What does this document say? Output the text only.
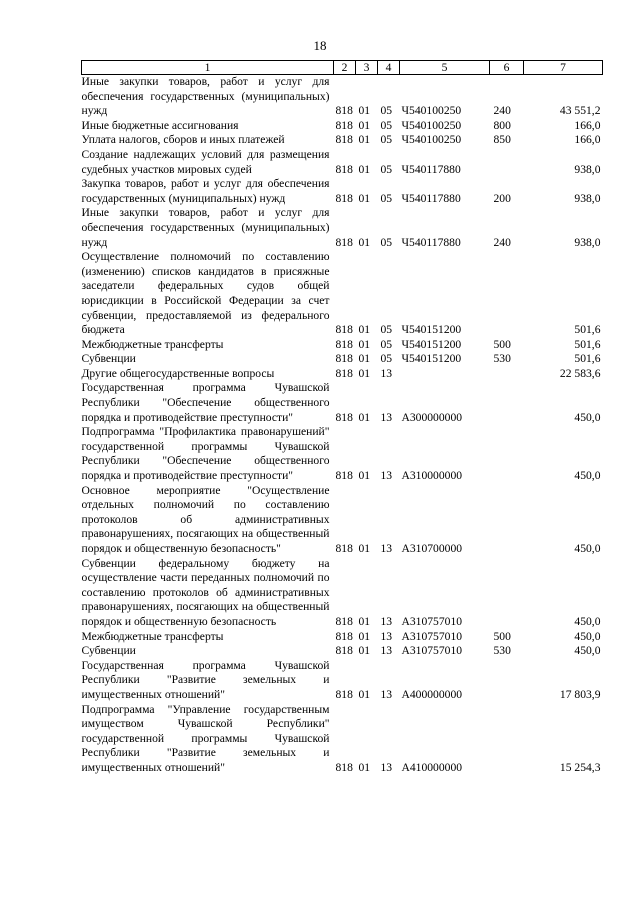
18
1	2	3	4	5	6	7
Иные закупки товаров, работ и услуг для обеспечения государственных (муниципальных) нужд	818	01	05	Ч540100250	240	43 551,2
Иные бюджетные ассигнования	818	01	05	Ч540100250	800	166,0
Уплата налогов, сборов и иных платежей	818	01	05	Ч540100250	850	166,0
Создание надлежащих условий для размещения судебных участков мировых судей	818	01	05	Ч540117880		938,0
Закупка товаров, работ и услуг для обеспечения государственных (муниципальных) нужд	818	01	05	Ч540117880	200	938,0
Иные закупки товаров, работ и услуг для обеспечения государственных (муниципальных) нужд	818	01	05	Ч540117880	240	938,0
Осуществление полномочий по составлению (изменению) списков кандидатов в присяжные заседатели федеральных судов общей юрисдикции в Российской Федерации за счет субвенции, предоставляемой из федерального бюджета	818	01	05	Ч540151200		501,6
Межбюджетные трансферты	818	01	05	Ч540151200	500	501,6
Субвенции	818	01	05	Ч540151200	530	501,6
Другие общегосударственные вопросы	818	01	13			22 583,6
Государственная программа Чувашской Республики "Обеспечение общественного порядка и противодействие преступности"	818	01	13	А300000000		450,0
Подпрограмма "Профилактика правонарушений" государственной программы Чувашской Республики "Обеспечение общественного порядка и противодействие преступности"	818	01	13	А310000000		450,0
Основное мероприятие "Осуществление отдельных полномочий по составлению протоколов об административных правонарушениях, посягающих на общественный порядок и общественную безопасность"	818	01	13	А310700000		450,0
Субвенции федеральному бюджету на осуществление части переданных полномочий по составлению протоколов об административных правонарушениях, посягающих на общественный порядок и общественную безопасность	818	01	13	А310757010		450,0
Межбюджетные трансферты	818	01	13	А310757010	500	450,0
Субвенции	818	01	13	А310757010	530	450,0
Государственная программа Чувашской Республики "Развитие земельных и имущественных отношений"	818	01	13	А400000000		17 803,9
Подпрограмма "Управление государственным имуществом Чувашской Республики" государственной программы Чувашской Республики "Развитие земельных и имущественных отношений"	818	01	13	А410000000		15 254,3
